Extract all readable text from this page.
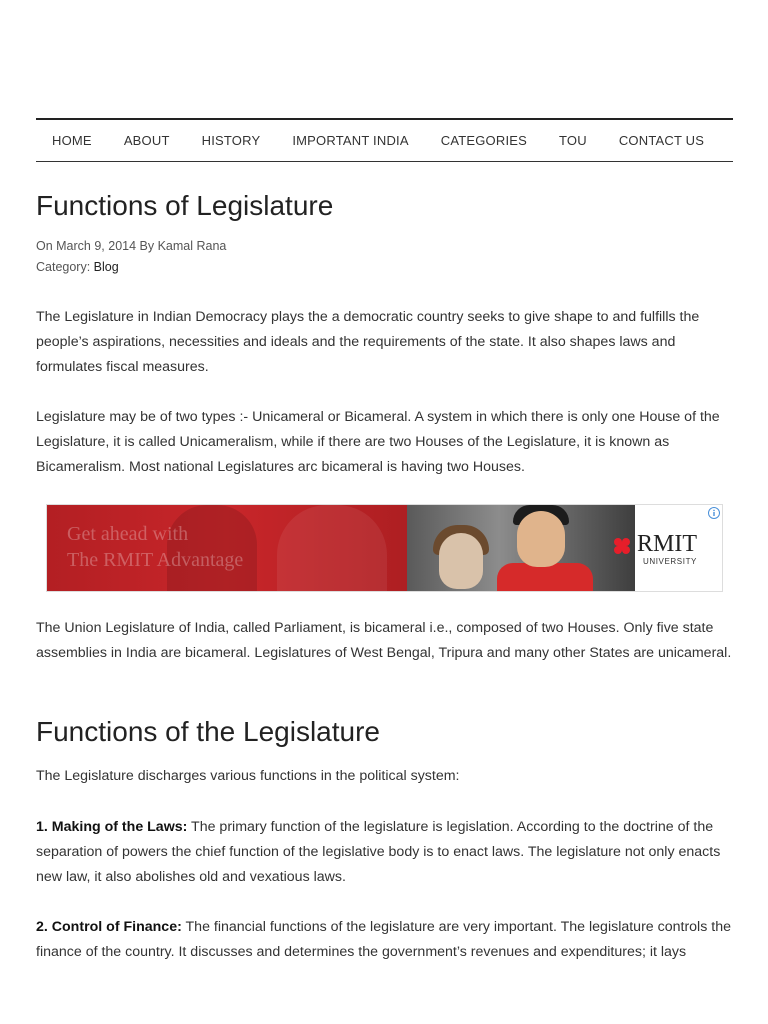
HOME	ABOUT	HISTORY	IMPORTANT INDIA	CATEGORIES	TOU	CONTACT US
Functions of Legislature
On March 9, 2014 By Kamal Rana
Category: Blog

The Legislature in Indian Democracy plays the a democratic country seeks to give shape to and fulfills the people’s aspirations, necessities and ideals and the requirements of the state. It also shapes laws and formulates fiscal measures.

Legislature may be of two types :- Unicameral or Bicameral. A system in which there is only one House of the Legislature, it is called Unicameralism, while if there are two Houses of the Legislature, it is known as Bicameralism. Most national Legislatures arc bicameral is having two Houses.

Get ahead with
The RMIT Advantage
RMIT
UNIVERSITY

The Union Legislature of India, called Parliament, is bicameral i.e., composed of two Houses. Only five state assemblies in India are bicameral. Legislatures of West Bengal, Tripura and many other States are unicameral.

Functions of the Legislature

The Legislature discharges various functions in the political system:

1. Making of the Laws: The primary function of the legislature is legislation. According to the doctrine of the separation of powers the chief function of the legislative body is to enact laws. The legislature not only enacts new law, it also abolishes old and vexatious laws.

2. Control of Finance: The financial functions of the legislature are very important. The legislature controls the finance of the country. It discusses and determines the government’s revenues and expenditures; it lays
